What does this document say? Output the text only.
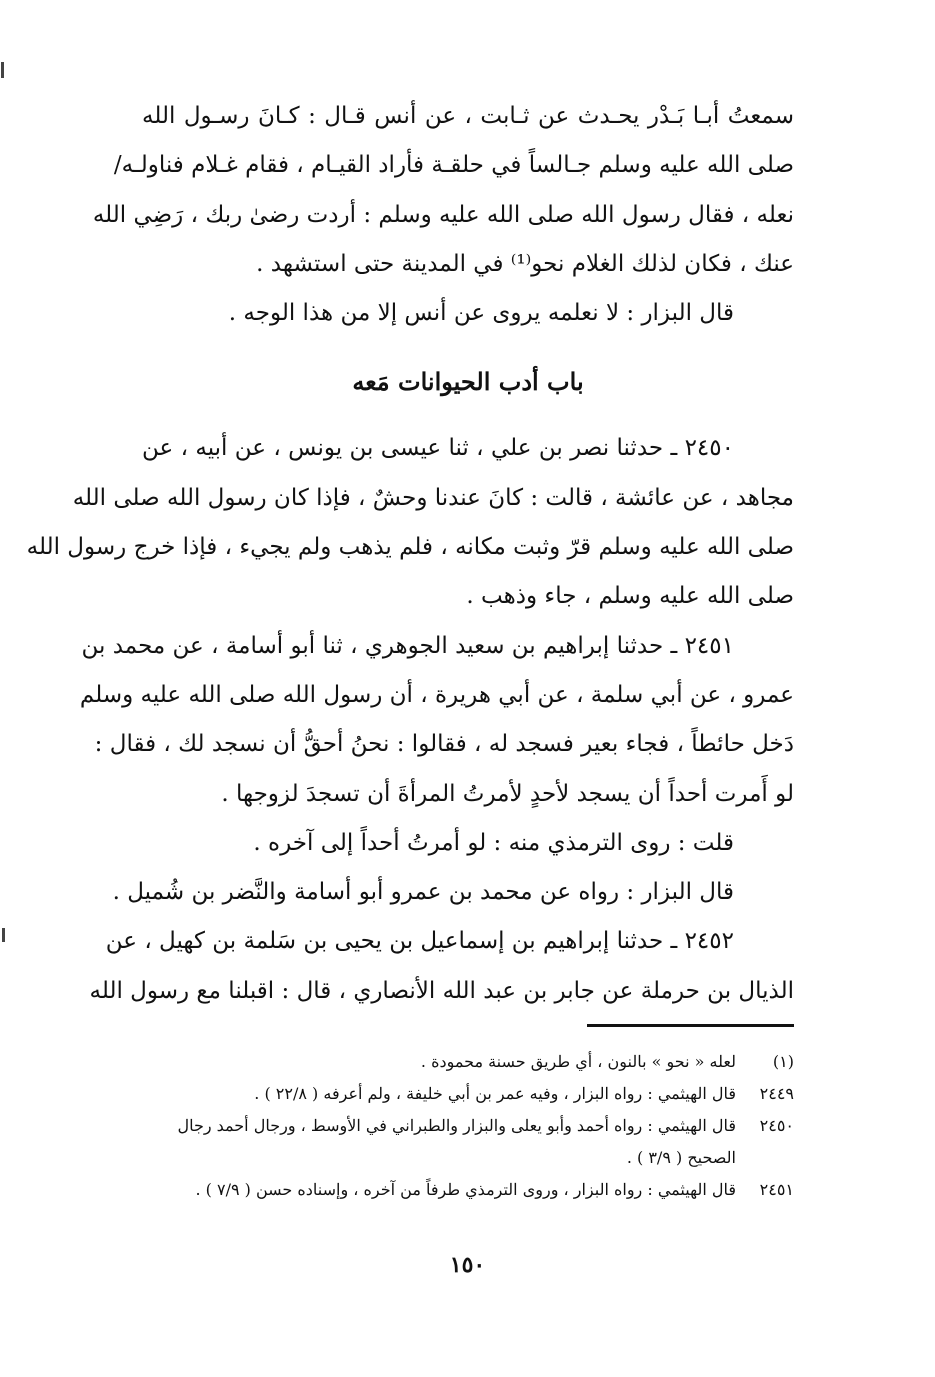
سمعتُ أبـا بَـدْر يحـدث عن ثـابت ، عن أنس قـال : كـانَ رسـول الله
صلى الله عليه وسلم جـالساً في حلقـة فأراد القيـام ، فقام غـلام فناولـه/
نعله ، فقال رسول الله صلى الله عليه وسلم : أردت رضىٰ ربك ، رَضِي الله
عنك ، فكان لذلك الغلام نحو⁽¹⁾ في المدينة حتى استشهد .
قال البزار : لا نعلمه يروى عن أنس إلا من هذا الوجه .
باب أدب الحيوانات مَعه
٢٤٥٠ ـ حدثنا نصر بن علي ، ثنا عيسى بن يونس ، عن أبيه ، عن
مجاهد ، عن عائشة ، قالت : كانَ عندنا وحشٌ ، فإذا كان رسول الله صلى الله
صلى الله عليه وسلم قرّ وثبت مكانه ، فلم يذهب ولم يجيء ، فإذا خرج رسول الله
صلى الله عليه وسلم ، جاء وذهب .
٢٤٥١ ـ حدثنا إبراهيم بن سعيد الجوهري ، ثنا أبو أسامة ، عن محمد بن
عمرو ، عن أبي سلمة ، عن أبي هريرة ، أن رسول الله صلى الله عليه وسلم
دَخل حائطاً ، فجاء بعير فسجد له ، فقالوا : نحنُ أحقُّ أن نسجد لك ، فقال :
لو أَمرت أحداً أن يسجد لأحدٍ لأمرتُ المرأةَ أن تسجدَ لزوجها .
قلت : روى الترمذي منه : لو أمرتُ أحداً إلى آخره .
قال البزار : رواه عن محمد بن عمرو أبو أسامة والنَّضر بن شُميل .
٢٤٥٢ ـ حدثنا إبراهيم بن إسماعيل بن يحيى بن سَلمة بن كهيل ، عن
الذيال بن حرملة عن جابر بن عبد الله الأنصاري ، قال : اقبلنا مع رسول الله
(١)
لعله « نحو » بالنون ، أي طريق حسنة محمودة .
٢٤٤٩
قال الهيثمي : رواه البزار ، وفيه عمر بن أبي خليفة ، ولم أعرفه ( ٢٢/٨ ) .
٢٤٥٠
قال الهيثمي : رواه أحمد وأبو يعلى والبزار والطبراني في الأوسط ، ورجال أحمد رجال
الصحيح ( ٣/٩ ) .
٢٤٥١
قال الهيثمي : رواه البزار ، وروى الترمذي طرفاً من آخره ، وإسناده حسن ( ٧/٩ ) .
١٥٠
